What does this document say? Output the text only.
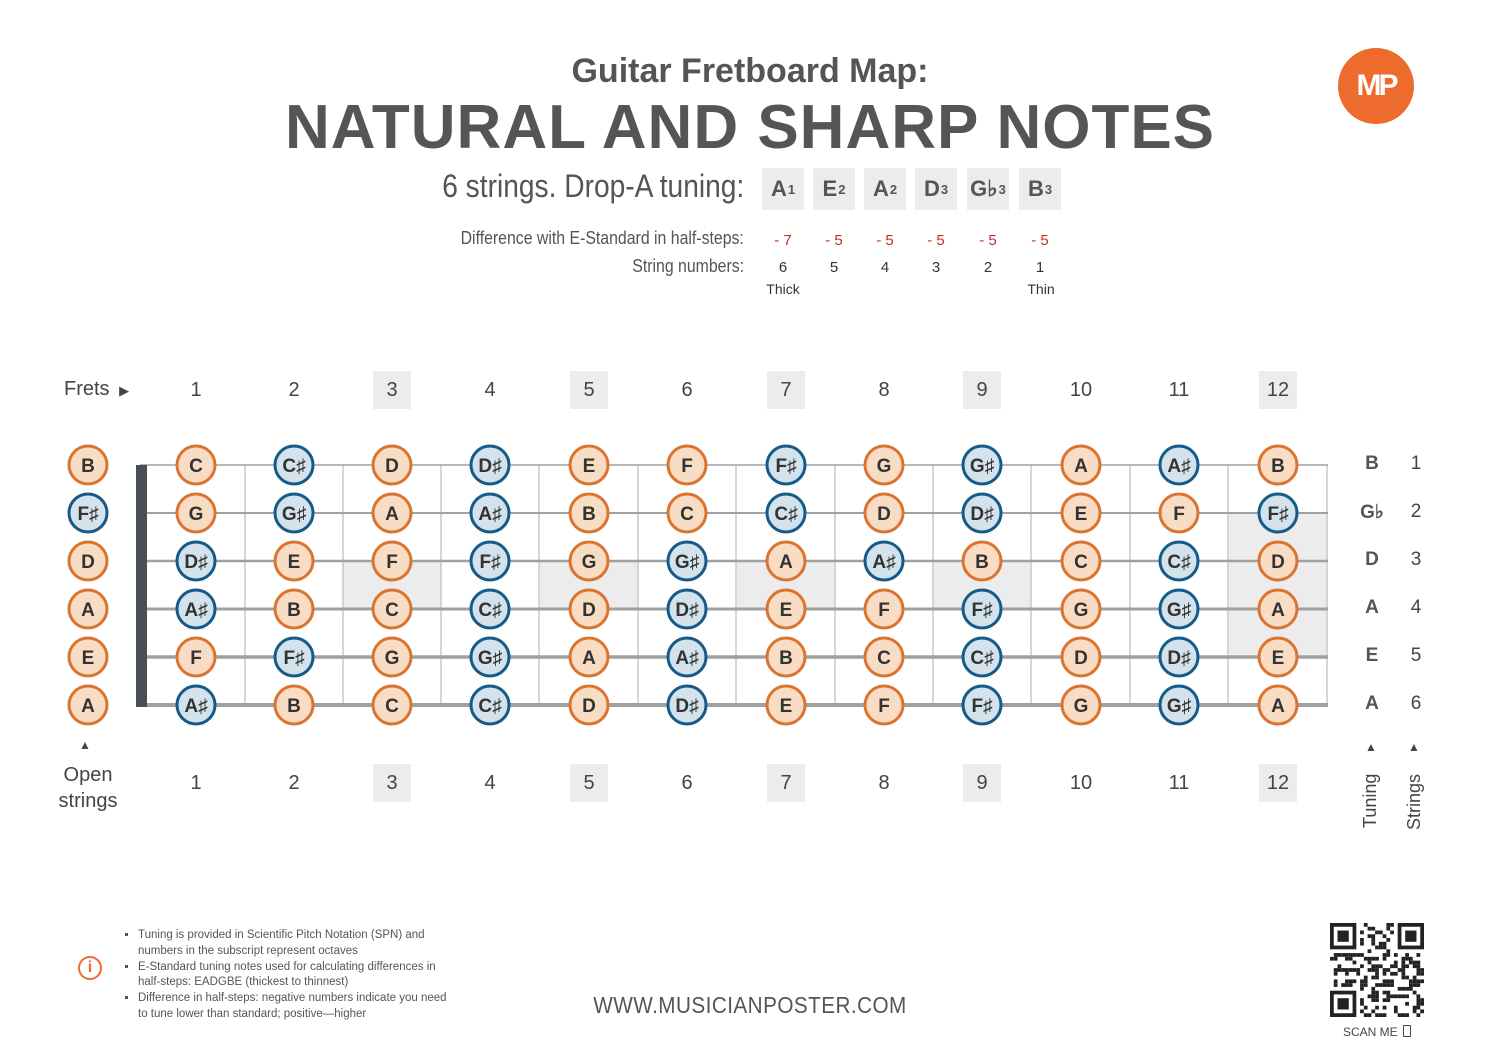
Guitar Fretboard Map:
NATURAL AND SHARP NOTES
MP
6 strings. Drop-A tuning: A 1 E 2 A 2 D 3 G♭ 3 B 3
Difference with E-Standard in half-steps:
String numbers:
- 7	- 5	- 5	- 5	- 5	- 5
6	5	4	3	2	1
Thick	Thin
Frets ▶	1	2	3	4	5	6	7	8	9	10	11	12
1	2	3	4	5	6	7	8	9	10	11	12
B	C	C♯	D	D♯	E	F	F♯	G	G♯	A	A♯	B
F♯	G	G♯	A	A♯	B	C	C♯	D	D♯	E	F	F♯
D	D♯	E	F	F♯	G	G♯	A	A♯	B	C	C♯	D
A	A♯	B	C	C♯	D	D♯	E	F	F♯	G	G♯	A
E	F	F♯	G	G♯	A	A♯	B	C	C♯	D	D♯	E
A	A♯	B	C	C♯	D	D♯	E	F	F♯	G	G♯	A
▲
Open
strings
B	1
G♭	2
D	3
A	4
E	5
A	6
▲	▲
Tuning Strings
i
▪ Tuning is provided in Scientific Pitch Notation (SPN) and numbers in the subscript represent octaves
▪ E-Standard tuning notes used for calculating differences in half-steps: EADGBE (thickest to thinnest)
▪ Difference in half-steps: negative numbers indicate you need to tune lower than standard; positive—higher	WWW.MUSICIANPOSTER.COM
SCAN ME
